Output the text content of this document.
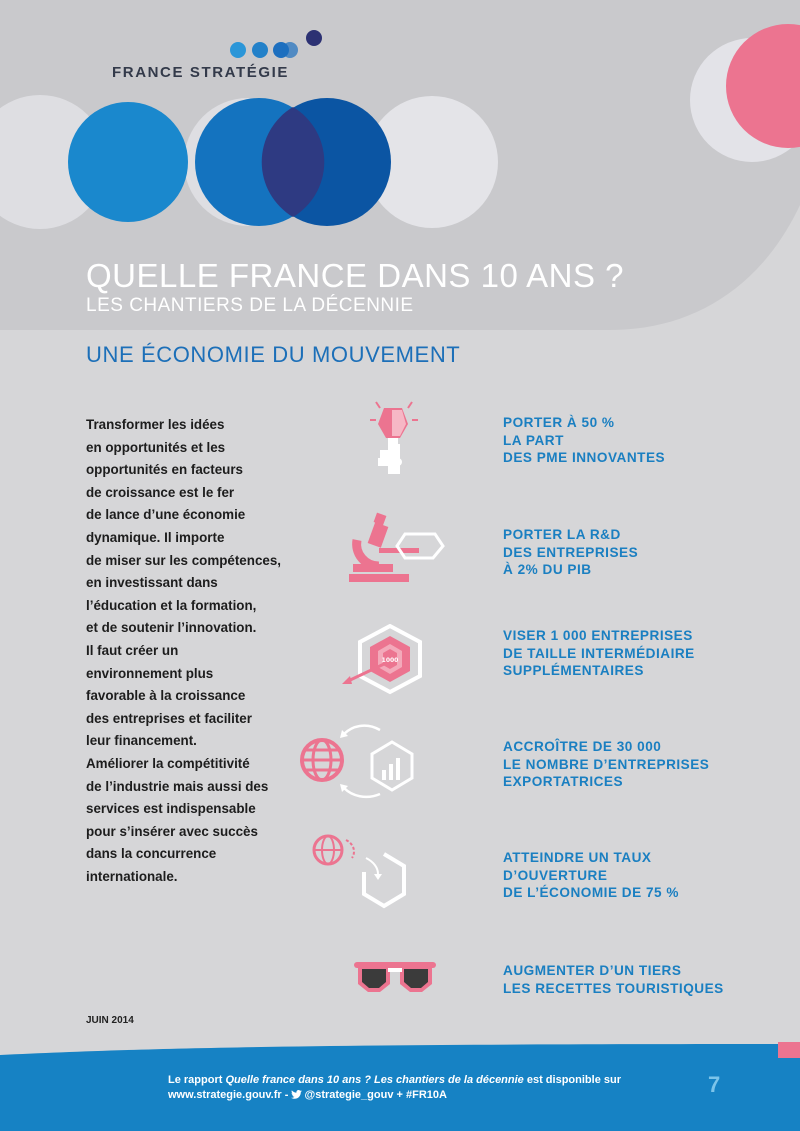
FRANCE STRATÉGIE
QUELLE FRANCE DANS 10 ANS ?
LES CHANTIERS DE LA DÉCENNIE
UNE ÉCONOMIE DU MOUVEMENT
Transformer les idées
en opportunités et les
opportunités en facteurs
de croissance est le fer
de lance d’une économie
dynamique. Il importe
de miser sur les compétences,
en investissant dans
l’éducation et la formation,
et de soutenir l’innovation.
Il faut créer un
environnement plus
favorable à la croissance
des entreprises et faciliter
leur financement.
Améliorer la compétitivité
de l’industrie mais aussi des
services est indispensable
pour s’insérer avec succès
dans la concurrence
internationale.
1000
PORTER À 50 %
LA PART
DES PME INNOVANTES
PORTER LA R&D
DES ENTREPRISES
À 2% DU PIB
VISER 1 000 ENTREPRISES
DE TAILLE INTERMÉDIAIRE
SUPPLÉMENTAIRES
ACCROÎTRE DE 30 000
LE NOMBRE D’ENTREPRISES
EXPORTATRICES
ATTEINDRE UN TAUX
D’OUVERTURE
DE L’ÉCONOMIE DE 75 %
AUGMENTER D’UN TIERS
LES RECETTES TOURISTIQUES
JUIN 2014
Le rapport Quelle france dans 10 ans ? Les chantiers de la décennie est disponible sur
www.strategie.gouv.fr - @strategie_gouv + #FR10A	7
